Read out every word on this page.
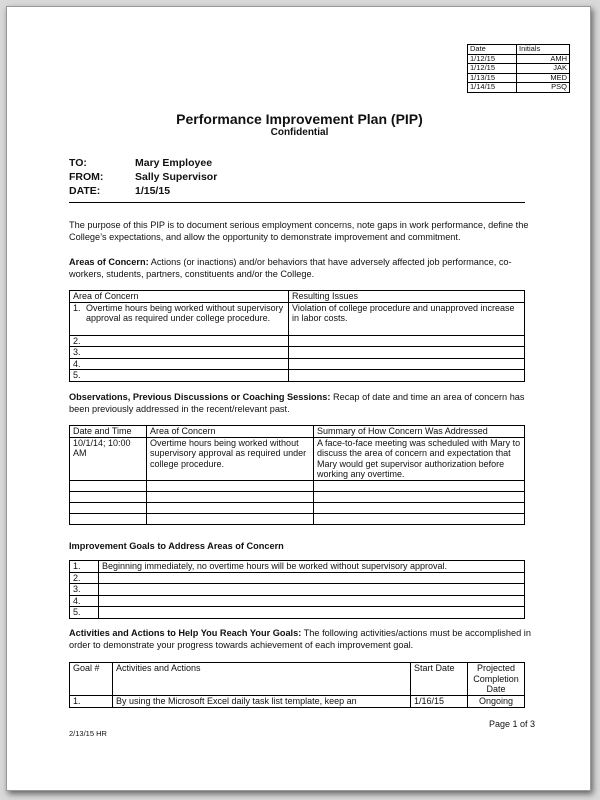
Date	Initials
1/12/15	AMH
1/12/15	JAK
1/13/15	MED
1/14/15	PSQ
Performance Improvement Plan (PIP)
Confidential
TO:	Mary Employee
FROM:	Sally Supervisor
DATE:	1/15/15
The purpose of this PIP is to document serious employment concerns, note gaps in work performance, define the College’s expectations, and allow the opportunity to demonstrate improvement and commitment.
Areas of Concern: Actions (or inactions) and/or behaviors that have adversely affected job performance, co-workers, students, partners, constituents and/or the College.
Area of Concern	Resulting Issues

1. Overtime hours being worked without supervisory approval as required under college procedure.	Violation of college procedure and unapproved increase in labor costs.
2.	
3.	
4.	
5.	
Observations, Previous Discussions or Coaching Sessions: Recap of date and time an area of concern has been previously addressed in the recent/relevant past.
Date and Time	Area of Concern	Summary of How Concern Was Addressed
10/1/14; 10:00 AM	Overtime hours being worked without supervisory approval as required under college procedure.	A face-to-face meeting was scheduled with Mary to discuss the area of concern and expectation that Mary would get supervisor authorization before working any overtime.

Improvement Goals to Address Areas of Concern
1.	Beginning immediately, no overtime hours will be worked without supervisory approval.
2.	
3.	
4.	
5.	
Activities and Actions to Help You Reach Your Goals: The following activities/actions must be accomplished in order to demonstrate your progress towards achievement of each improvement goal.
Goal #	Activities and Actions	Start Date	Projected Completion Date
1.	By using the Microsoft Excel daily task list template, keep an	1/16/15	Ongoing
Page 1 of 3
2/13/15 HR
